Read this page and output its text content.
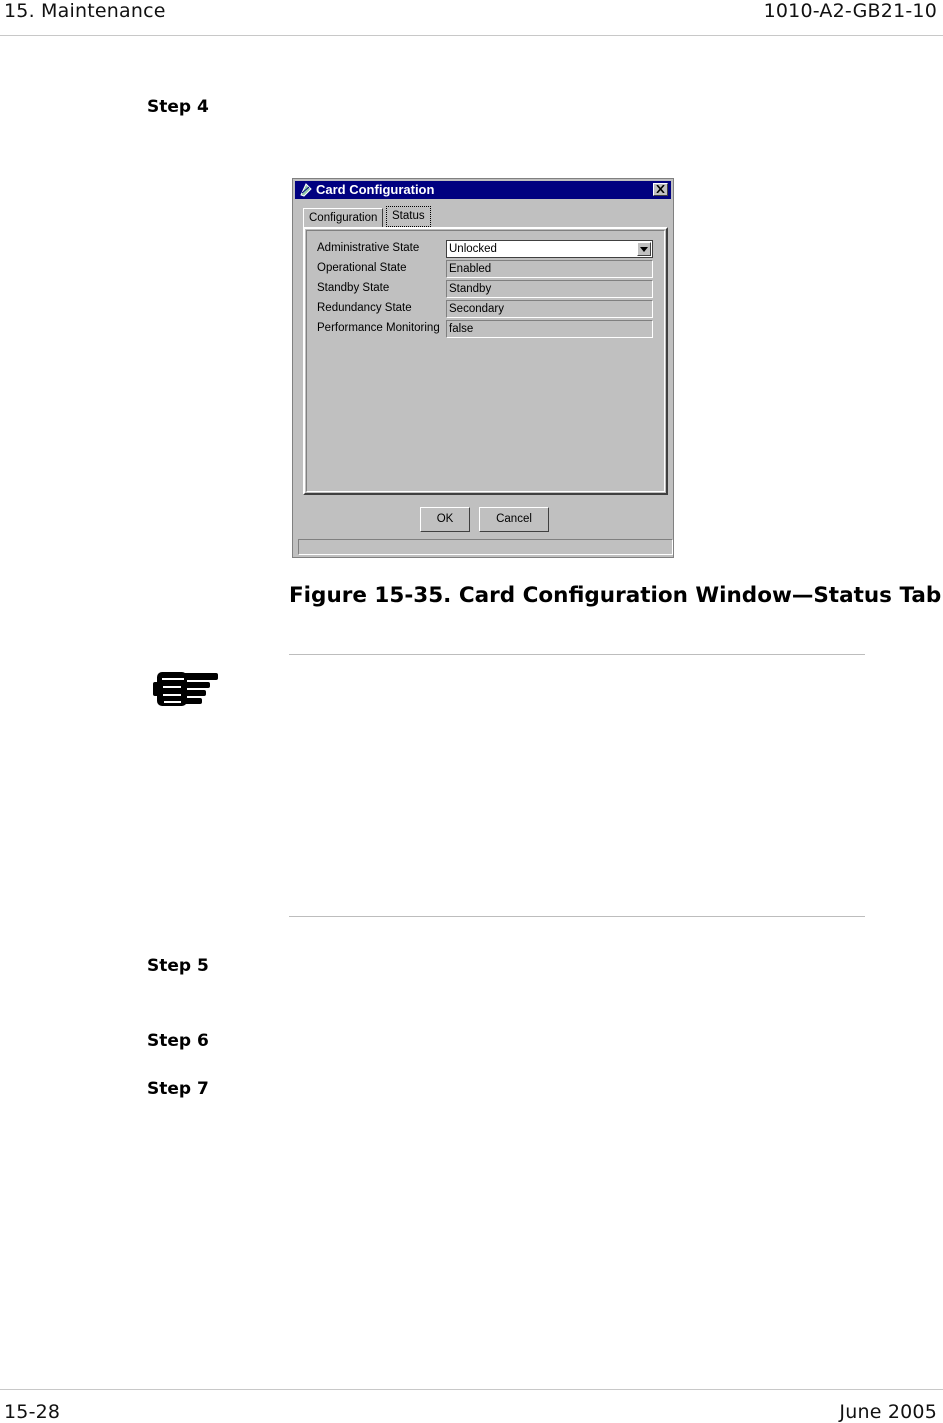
15. Maintenance	1010-A2-GB21-10
Step 4
Card Configuration
Configuration	Status
Administrative State	Unlocked
Operational State	Enabled
Standby State	Standby
Redundancy State	Secondary
Performance Monitoring false
OK	Cancel
Figure 15-35. Card Configuration Window—Status Tab
Step 5
Step 6
Step 7
15-28	June 2005
